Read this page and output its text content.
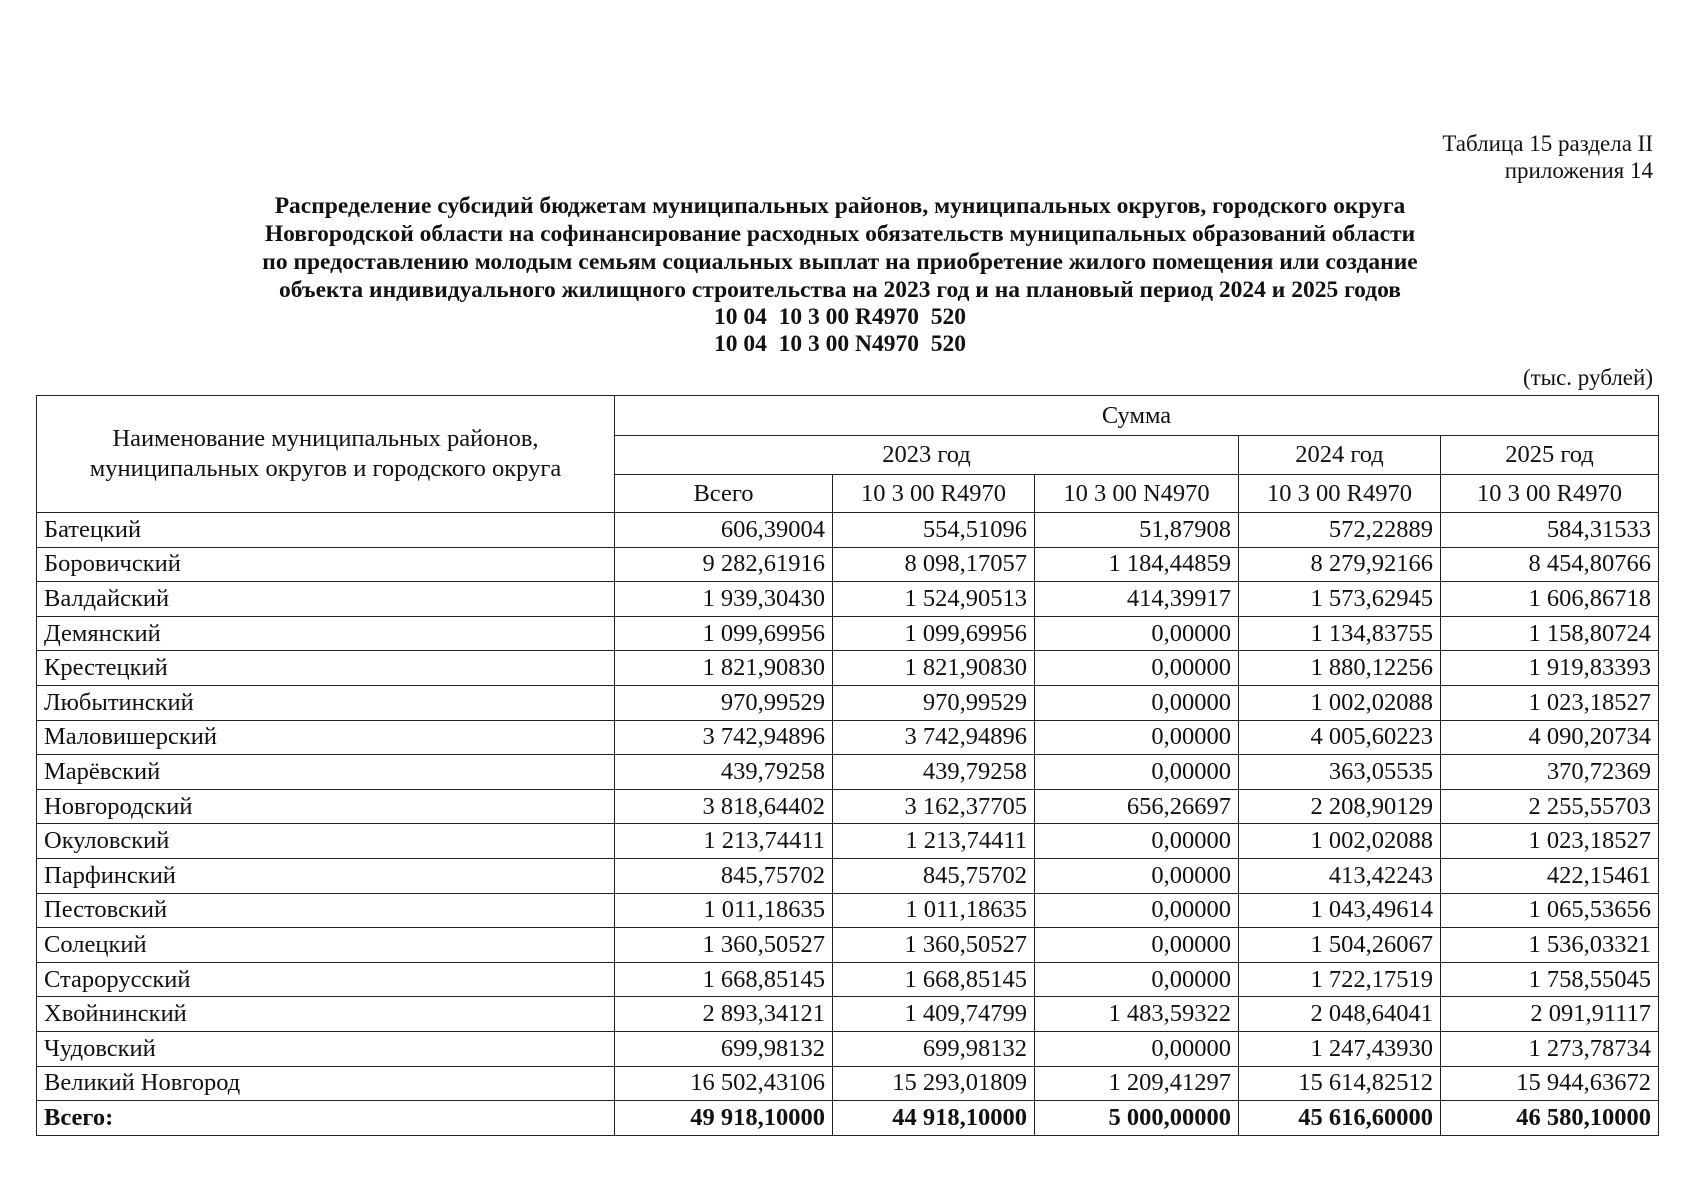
Таблица 15 раздела II
приложения 14
Распределение субсидий бюджетам муниципальных районов, муниципальных округов, городского округа
Новгородской области на софинансирование расходных обязательств муниципальных образований области
по предоставлению молодым семьям социальных выплат на приобретение жилого помещения или создание
объекта индивидуального жилищного строительства на 2023 год и на плановый период 2024 и 2025 годов
10 04  10 3 00 R4970  520
10 04  10 3 00 N4970  520
(тыс. рублей)
Наименование муниципальных районов, муниципальных округов и городского округа	Сумма				
	2023 год			2024 год	2025 год
	Всего	10 3 00 R4970	10 3 00 N4970	10 3 00 R4970	10 3 00 R4970
Батецкий	606,39004	554,51096	51,87908	572,22889	584,31533
Боровичский	9 282,61916	8 098,17057	1 184,44859	8 279,92166	8 454,80766
Валдайский	1 939,30430	1 524,90513	414,39917	1 573,62945	1 606,86718
Демянский	1 099,69956	1 099,69956	0,00000	1 134,83755	1 158,80724
Крестецкий	1 821,90830	1 821,90830	0,00000	1 880,12256	1 919,83393
Любытинский	970,99529	970,99529	0,00000	1 002,02088	1 023,18527
Маловишерский	3 742,94896	3 742,94896	0,00000	4 005,60223	4 090,20734
Марёвский	439,79258	439,79258	0,00000	363,05535	370,72369
Новгородский	3 818,64402	3 162,37705	656,26697	2 208,90129	2 255,55703
Окуловский	1 213,74411	1 213,74411	0,00000	1 002,02088	1 023,18527
Парфинский	845,75702	845,75702	0,00000	413,42243	422,15461
Пестовский	1 011,18635	1 011,18635	0,00000	1 043,49614	1 065,53656
Солецкий	1 360,50527	1 360,50527	0,00000	1 504,26067	1 536,03321
Старорусский	1 668,85145	1 668,85145	0,00000	1 722,17519	1 758,55045
Хвойнинский	2 893,34121	1 409,74799	1 483,59322	2 048,64041	2 091,91117
Чудовский	699,98132	699,98132	0,00000	1 247,43930	1 273,78734
Великий Новгород	16 502,43106	15 293,01809	1 209,41297	15 614,82512	15 944,63672
Всего:	49 918,10000	44 918,10000	5 000,00000	45 616,60000	46 580,10000
